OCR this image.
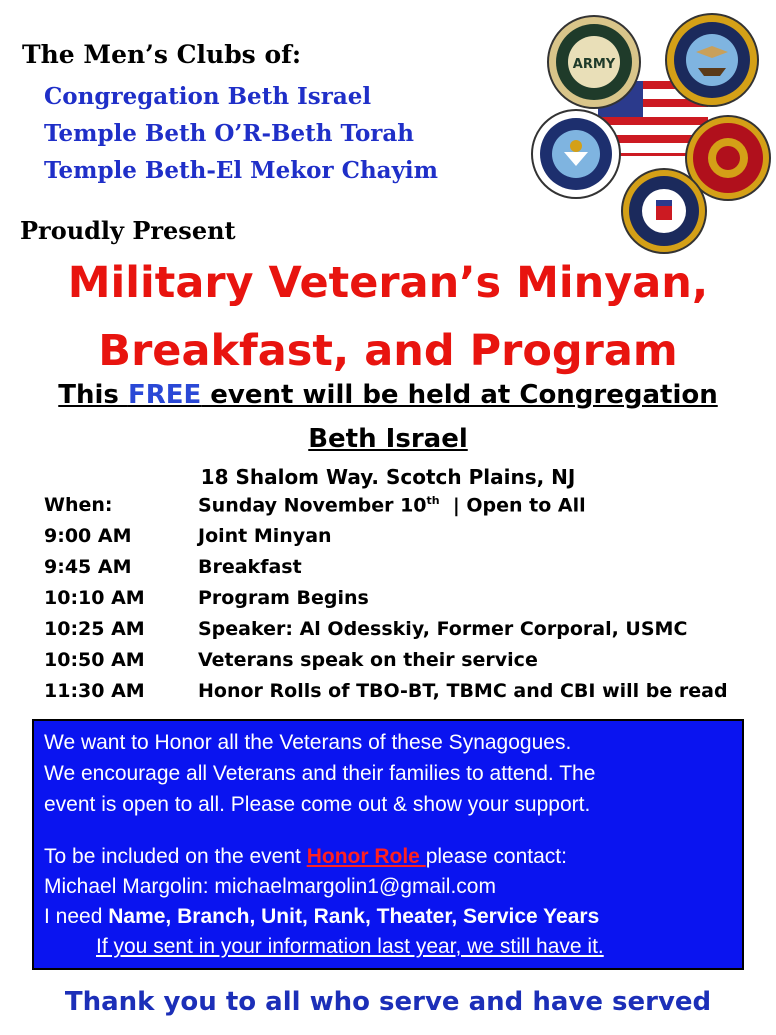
The Men’s Clubs of:
Congregation Beth Israel
Temple Beth O’R-Beth Torah
Temple Beth-El Mekor Chayim
Proudly Present
ARMY
Military Veteran’s Minyan,
Breakfast, and Program
This FREE event will be held at Congregation
Beth Israel
18 Shalom Way. Scotch Plains, NJ
When:	Sunday November 10th  | Open to All
9:00 AM	Joint Minyan
9:45 AM	Breakfast
10:10 AM	Program Begins
10:25 AM	Speaker: Al Odesskiy, Former Corporal, USMC
10:50 AM	Veterans speak on their service
11:30 AM	Honor Rolls of TBO-BT, TBMC and CBI will be read
We want to Honor all the Veterans of these Synagogues.
We encourage all Veterans and their families to attend. The
event is open to all. Please come out & show your support.
To be included on the event Honor Role please contact:
Michael Margolin: michaelmargolin1@gmail.com
I need Name, Branch, Unit, Rank, Theater, Service Years
If you sent in your information last year, we still have it.
Thank you to all who serve and have served
